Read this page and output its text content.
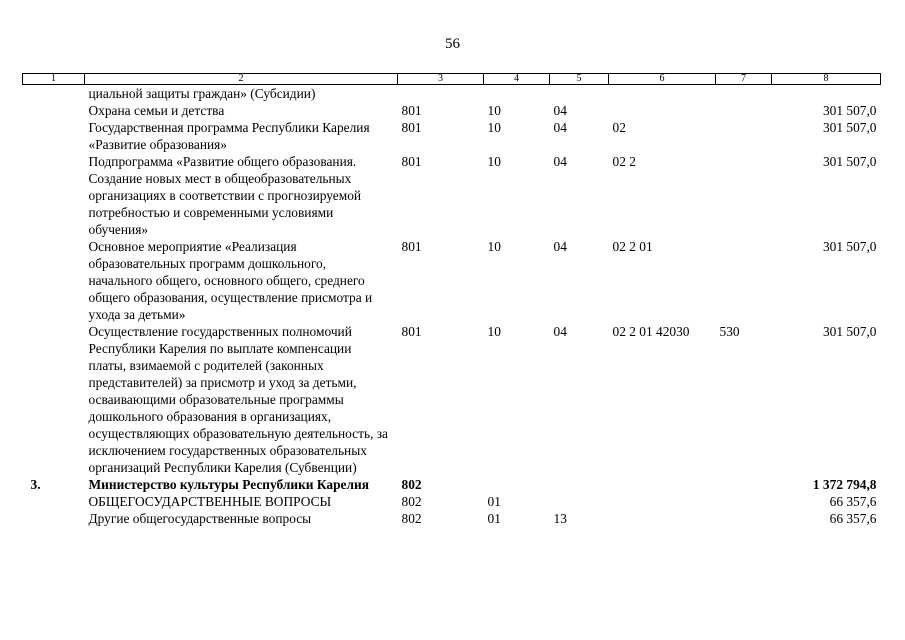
56
1	2	3	4	5	6	7	8
	циальной защиты граждан» (Субсидии)						
	Охрана семьи и детства	801	10	04			301 507,0
	Государственная программа Республики Карелия «Развитие образования»	801	10	04	02		301 507,0
	Подпрограмма «Развитие общего образования. Создание новых мест в общеобразовательных организациях в соответствии с прогнозируемой потребностью и современными условиями обучения»	801	10	04	02 2		301 507,0
	Основное мероприятие «Реализация образовательных программ дошкольного, начального общего, основного общего, среднего общего образования, осуществление присмотра и ухода за детьми»	801	10	04	02 2 01		301 507,0
	Осуществление государственных полномочий Республики Карелия по выплате компенсации платы, взимаемой с родителей (законных представителей) за присмотр и уход за детьми, осваивающими образовательные программы дошкольного образования в организациях, осуществляющих образовательную деятельность, за исключением государственных образовательных организаций Республики Карелия (Субвенции)	801	10	04	02 2 01 42030	530	301 507,0
3.	Министерство культуры Республики Карелия	802					1 372 794,8
	ОБЩЕГОСУДАРСТВЕННЫЕ ВОПРОСЫ	802	01				66 357,6
	Другие общегосударственные вопросы	802	01	13			66 357,6
